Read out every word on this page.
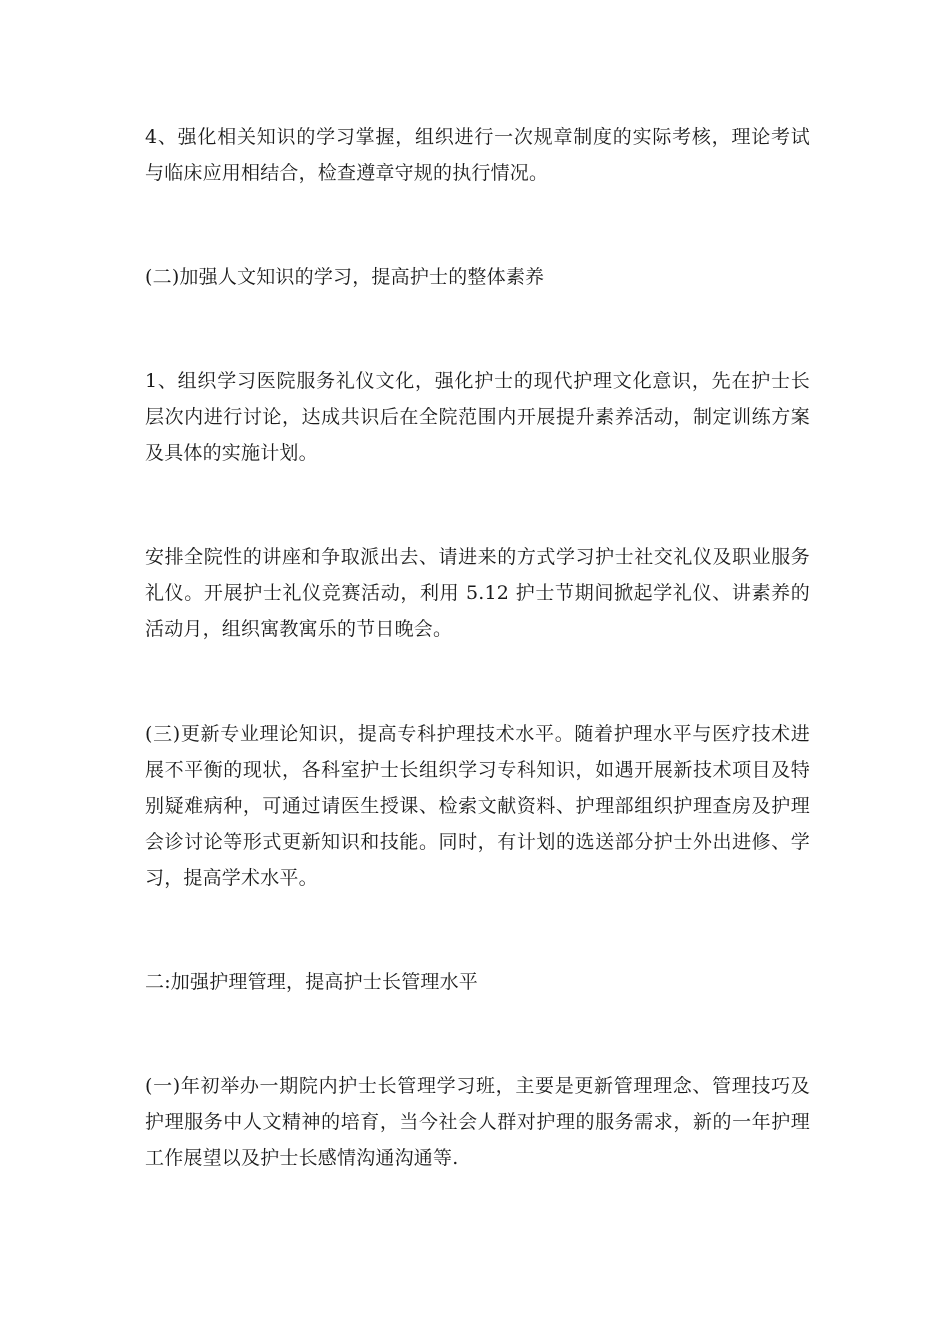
4、强化相关知识的学习掌握，组织进行一次规章制度的实际考核，理论考试与临床应用相结合，检查遵章守规的执行情况。

(二)加强人文知识的学习，提高护士的整体素养

1、组织学习医院服务礼仪文化，强化护士的现代护理文化意识，先在护士长层次内进行讨论，达成共识后在全院范围内开展提升素养活动，制定训练方案及具体的实施计划。

安排全院性的讲座和争取派出去、请进来的方式学习护士社交礼仪及职业服务礼仪。开展护士礼仪竞赛活动，利用 5.12 护士节期间掀起学礼仪、讲素养的活动月，组织寓教寓乐的节日晚会。

(三)更新专业理论知识，提高专科护理技术水平。随着护理水平与医疗技术进展不平衡的现状，各科室护士长组织学习专科知识，如遇开展新技术项目及特别疑难病种，可通过请医生授课、检索文献资料、护理部组织护理查房及护理会诊讨论等形式更新知识和技能。同时，有计划的选送部分护士外出进修、学习，提高学术水平。

二:加强护理管理，提高护士长管理水平

(一)年初举办一期院内护士长管理学习班，主要是更新管理理念、管理技巧及护理服务中人文精神的培育，当今社会人群对护理的服务需求，新的一年护理工作展望以及护士长感情沟通沟通等.
